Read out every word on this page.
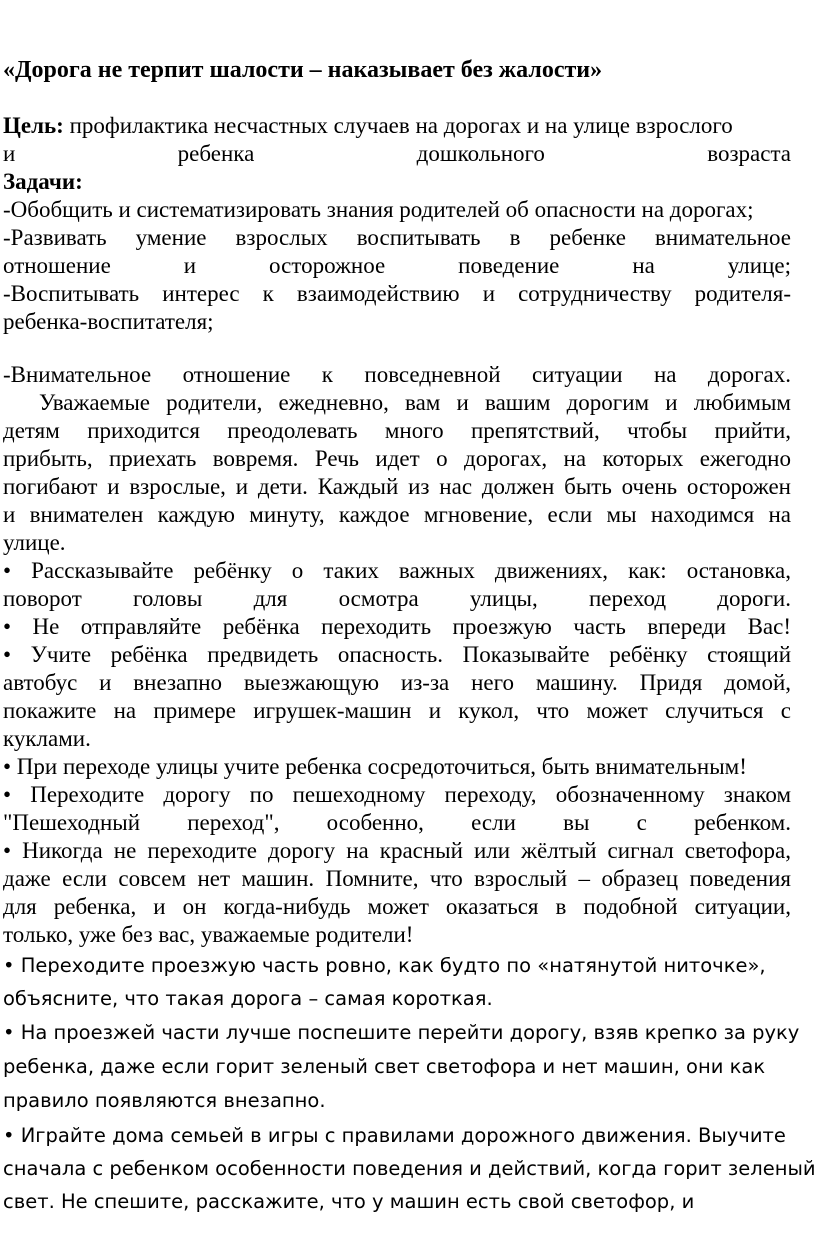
«Дорога не терпит шалости – наказывает без жалости»
Цель: профилактика несчастных случаев на дорогах и на улице взрослого
и ребенка дошкольного возраста
Задачи:
-Обобщить и систематизировать знания родителей об опасности на дорогах;
-Развивать умение взрослых воспитывать в ребенке внимательное
отношение и осторожное поведение на улице;
-Воспитывать интерес к взаимодействию и сотрудничеству родителя-
ребенка-воспитателя;
-Внимательное отношение к повседневной ситуации на дорогах.
Уважаемые родители, ежедневно, вам и вашим дорогим и любимым
детям приходится преодолевать много препятствий, чтобы прийти,
прибыть, приехать вовремя. Речь идет о дорогах, на которых ежегодно
погибают и взрослые, и дети. Каждый из нас должен быть очень осторожен
и внимателен каждую минуту, каждое мгновение, если мы находимся на
улице.
• Рассказывайте ребёнку о таких важных движениях, как: остановка,
поворот головы для осмотра улицы, переход дороги.
• Не отправляйте ребёнка переходить проезжую часть впереди Вас!
• Учите ребёнка предвидеть опасность. Показывайте ребёнку стоящий
автобус и внезапно выезжающую из-за него машину. Придя домой,
покажите на примере игрушек-машин и кукол, что может случиться с
куклами.
• При переходе улицы учите ребенка сосредоточиться, быть внимательным!
• Переходите дорогу по пешеходному переходу, обозначенному знаком
"Пешеходный переход", особенно, если вы с ребенком.
• Никогда не переходите дорогу на красный или жёлтый сигнал светофора,
даже если совсем нет машин. Помните, что взрослый – образец поведения
для ребенка, и он когда-нибудь может оказаться в подобной ситуации,
только, уже без вас, уважаемые родители!
• Переходите проезжую часть ровно, как будто по «натянутой ниточке»,
объясните, что такая дорога – самая короткая.
• На проезжей части лучше поспешите перейти дорогу, взяв крепко за руку
ребенка, даже если горит зеленый свет светофора и нет машин, они как
правило появляются внезапно.
• Играйте дома семьей в игры с правилами дорожного движения. Выучите
сначала с ребенком особенности поведения и действий, когда горит зеленый
свет. Не спешите, расскажите, что у машин есть свой светофор, и
